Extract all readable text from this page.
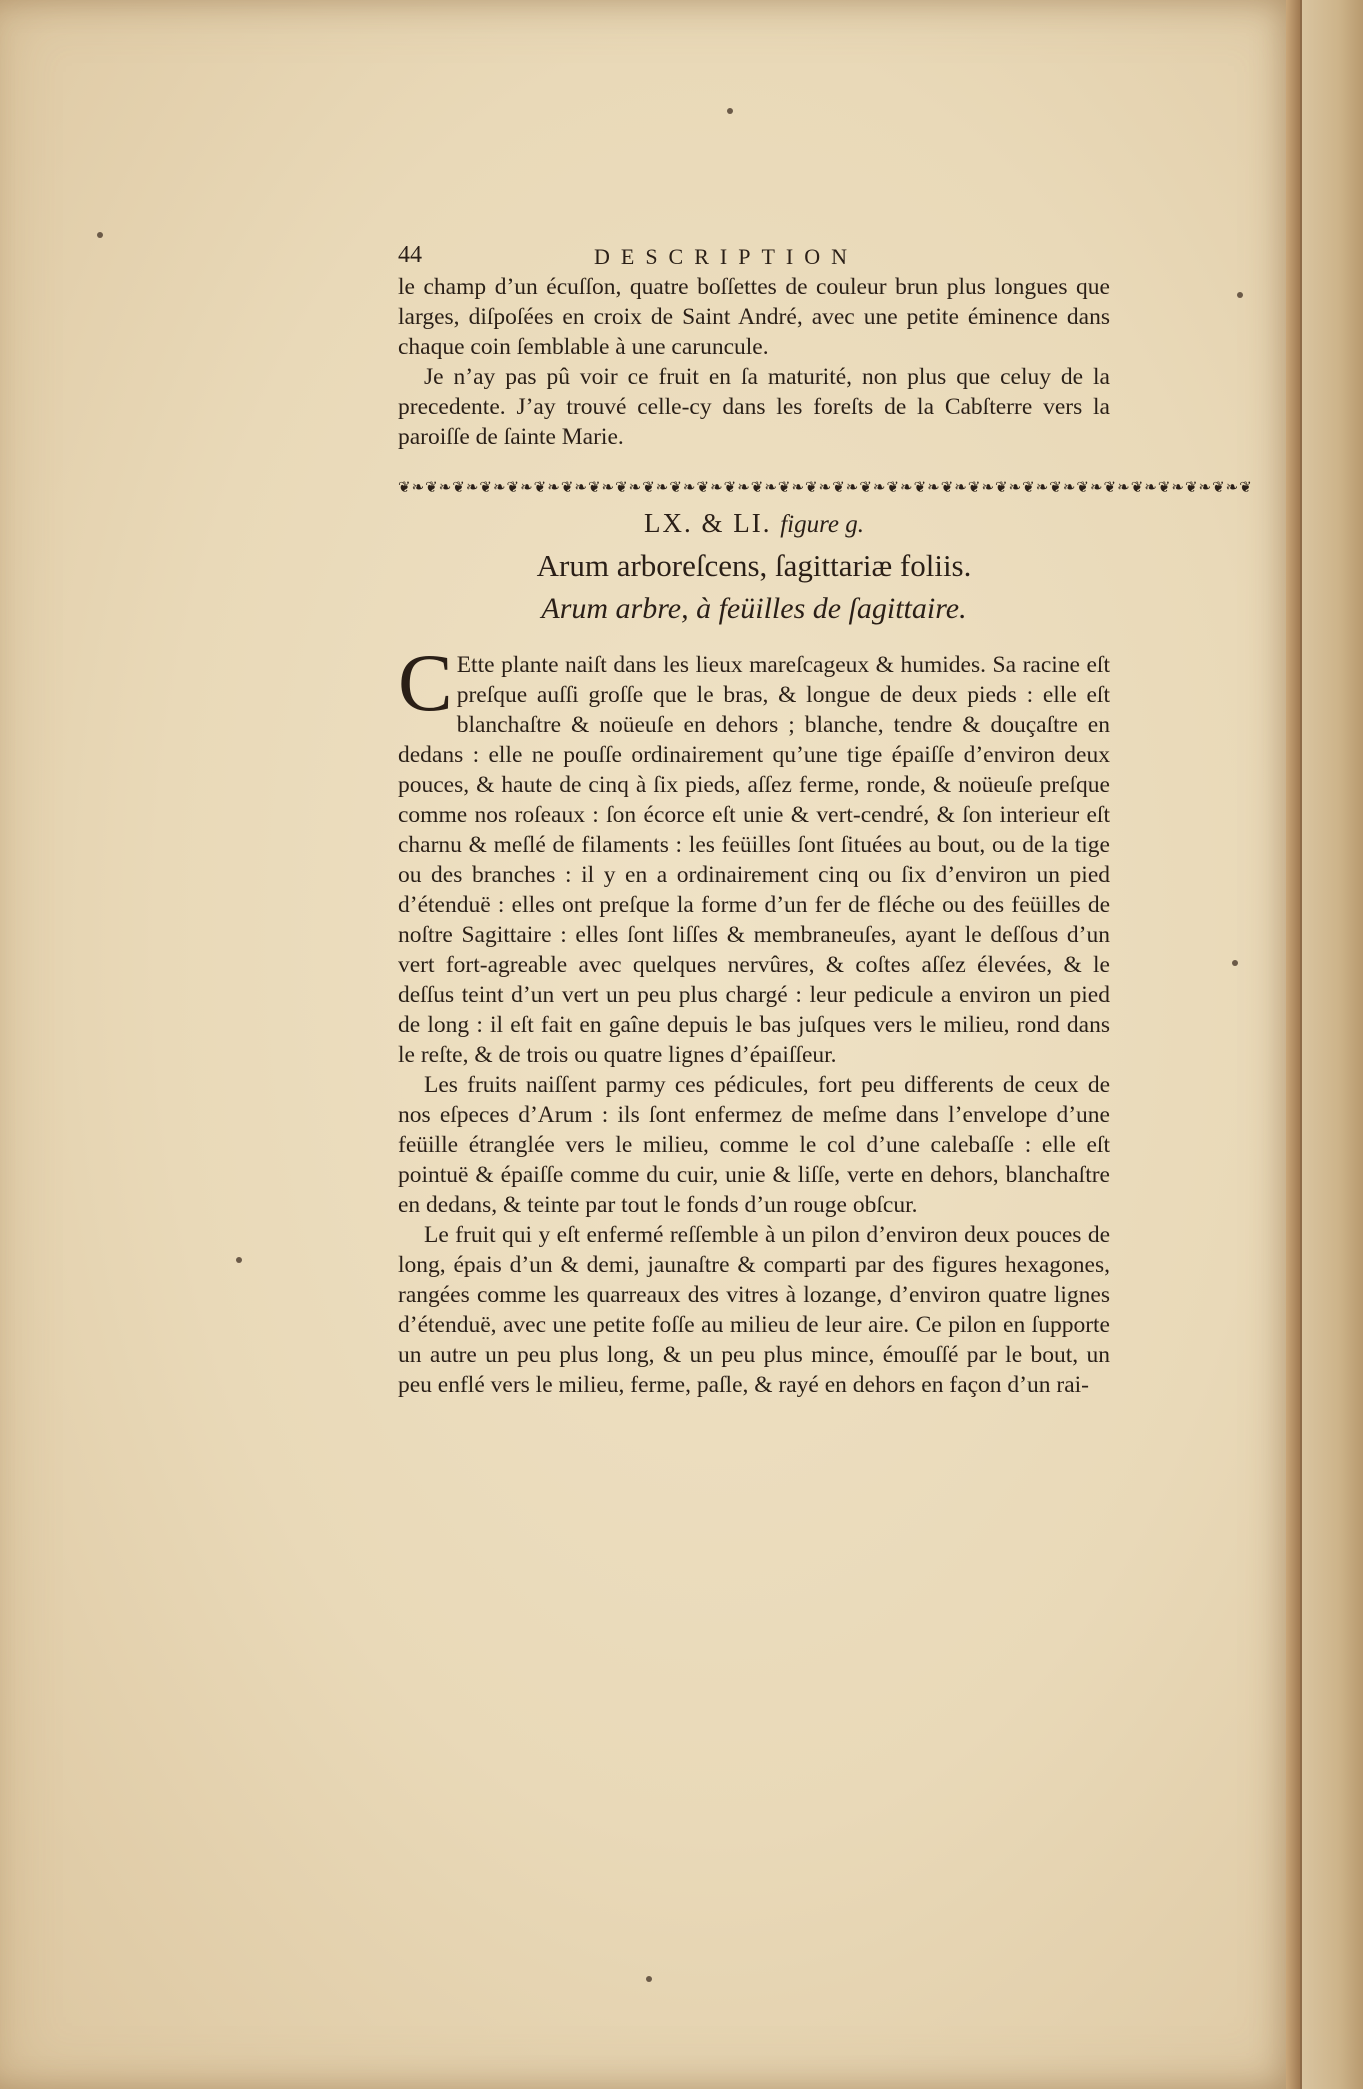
44	DESCRIPTION

le champ d’un écuſſon, quatre boſſettes de couleur brun plus longues que larges, diſpoſées en croix de Saint André, avec une petite éminence dans chaque coin ſemblable à une caruncule.

Je n’ay pas pû voir ce fruit en ſa maturité, non plus que celuy de la precedente. J’ay trouvé celle-cy dans les foreſts de la Cabſterre vers la paroiſſe de ſainte Marie.

❦❧❦❧❦❧❦❧❦❧❦❧❦❧❦❧❦❧❦❧❦❧❦❧❦❧❦❧❦❧❦❧❦❧❦❧❦❧❦❧❦❧❦❧❦❧❦❧❦❧❦❧❦❧❦❧❦❧❦❧❦❧❦
LX. & LI. figure g.
Arum arboreſcens, ſagittariæ foliis.
Arum arbre, à feüilles de ſagittaire.

C Ette plante naiſt dans les lieux mareſcageux & humides. Sa racine eſt preſque auſſi groſſe que le bras, & longue de deux pieds : elle eſt blanchaſtre & noüeuſe en dehors ; blanche, tendre & douçaſtre en dedans : elle ne pouſſe ordinairement qu’une tige épaiſſe d’environ deux pouces, & haute de cinq à ſix pieds, aſſez ferme, ronde, & noüeuſe preſque comme nos roſeaux : ſon écorce eſt unie & vert-cendré, & ſon interieur eſt charnu & meſlé de filaments : les feüilles ſont ſituées au bout, ou de la tige ou des branches : il y en a ordinairement cinq ou ſix d’environ un pied d’étenduë : elles ont preſque la forme d’un fer de fléche ou des feüilles de noſtre Sagittaire : elles ſont liſſes & membraneuſes, ayant le deſſous d’un vert fort-agreable avec quelques nervûres, & coſtes aſſez élevées, & le deſſus teint d’un vert un peu plus chargé : leur pedicule a environ un pied de long : il eſt fait en gaîne depuis le bas juſques vers le milieu, rond dans le reſte, & de trois ou quatre lignes d’épaiſſeur.

Les fruits naiſſent parmy ces pédicules, fort peu differents de ceux de nos eſpeces d’Arum : ils ſont enfermez de meſme dans l’envelope d’une feüille étranglée vers le milieu, comme le col d’une calebaſſe : elle eſt pointuë & épaiſſe comme du cuir, unie & liſſe, verte en dehors, blanchaſtre en dedans, & teinte par tout le fonds d’un rouge obſcur.

Le fruit qui y eſt enfermé reſſemble à un pilon d’environ deux pouces de long, épais d’un & demi, jaunaſtre & comparti par des figures hexagones, rangées comme les quarreaux des vitres à lozange, d’environ quatre lignes d’étenduë, avec une petite foſſe au milieu de leur aire. Ce pilon en ſupporte un autre un peu plus long, & un peu plus mince, émouſſé par le bout, un peu enflé vers le milieu, ferme, paſle, & rayé en dehors en façon d’un rai-
